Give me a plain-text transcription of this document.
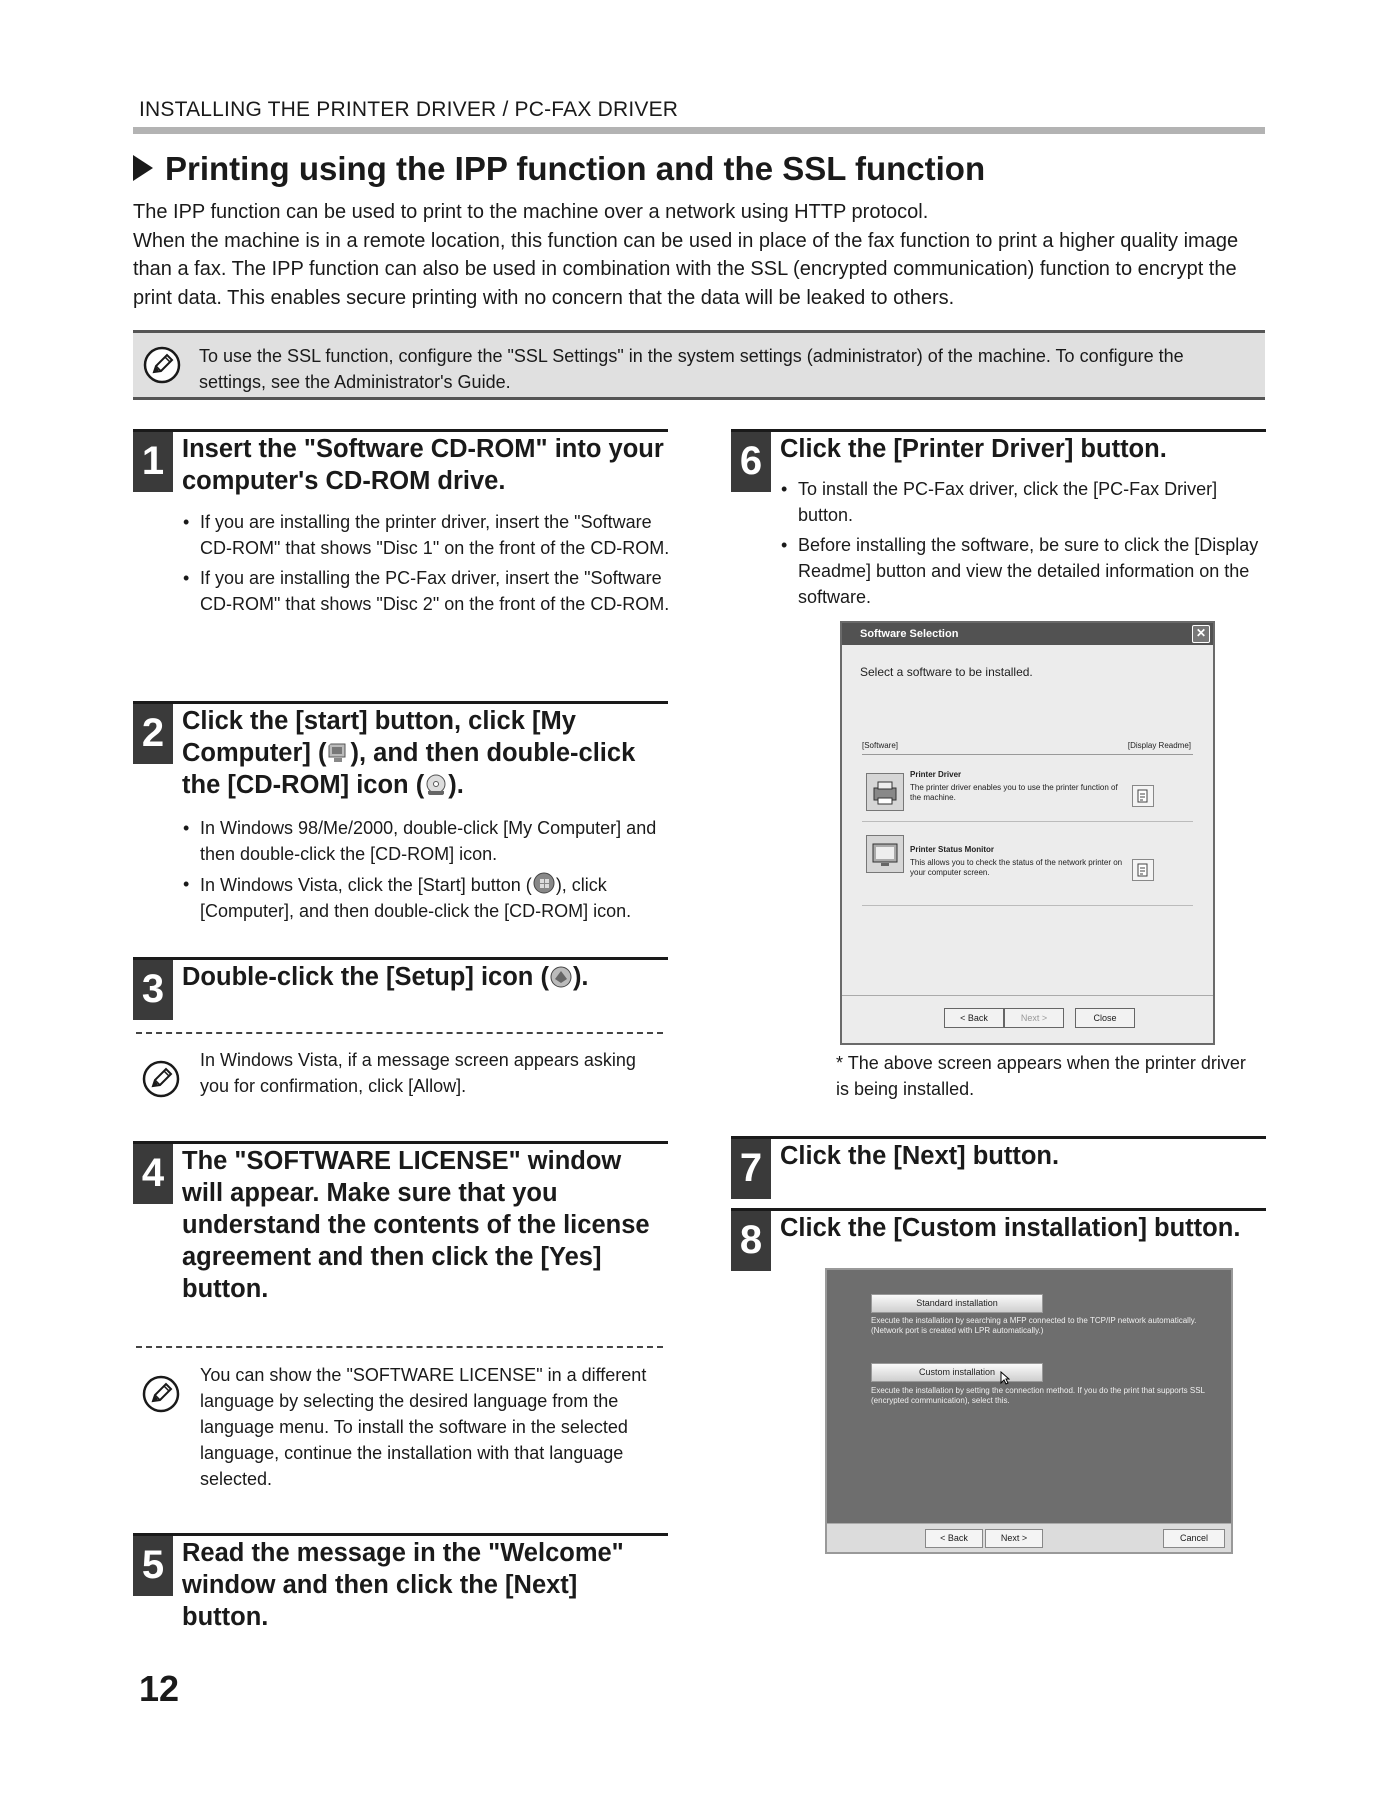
INSTALLING THE PRINTER DRIVER / PC-FAX DRIVER
Printing using the IPP function and the SSL function

The IPP function can be used to print to the machine over a network using HTTP protocol.

When the machine is in a remote location, this function can be used in place of the fax function to print a higher quality image than a fax. The IPP function can also be used in combination with the SSL (encrypted communication) function to encrypt the print data. This enables secure printing with no concern that the data will be leaked to others.

To use the SSL function, configure the "SSL Settings" in the system settings (administrator) of the machine. To configure the settings, see the Administrator's Guide.
1 Insert the "Software CD-ROM" into your computer's CD-ROM drive.
• If you are installing the printer driver, insert the "Software CD-ROM" that shows "Disc 1" on the front of the CD-ROM.
• If you are installing the PC-Fax driver, insert the "Software CD-ROM" that shows "Disc 2" on the front of the CD-ROM.
2 Click the [start] button, click [My Computer] ( ), and then double-click the [CD-ROM] icon ( ).
• In Windows 98/Me/2000, double-click [My Computer] and then double-click the [CD-ROM] icon.
• In Windows Vista, click the [Start] button ( ), click [Computer], and then double-click the [CD-ROM] icon.
3 Double-click the [Setup] icon ( ).
In Windows Vista, if a message screen appears asking you for confirmation, click [Allow].
4 The "SOFTWARE LICENSE" window will appear. Make sure that you understand the contents of the license agreement and then click the [Yes] button.
You can show the "SOFTWARE LICENSE" in a different language by selecting the desired language from the language menu. To install the software in the selected language, continue the installation with that language selected.
5 Read the message in the "Welcome" window and then click the [Next] button.
6 Click the [Printer Driver] button.
• To install the PC-Fax driver, click the [PC-Fax Driver] button.
• Before installing the software, be sure to click the [Display Readme] button and view the detailed information on the software.
Software Selection	✕
Select a software to be installed.
[Software]	[Display Readme]
Printer Driver
The printer driver enables you to use the printer function of the machine.
Printer Status Monitor
This allows you to check the status of the network printer on your computer screen.
< Back	Next >	Close
* The above screen appears when the printer driver is being installed.
7 Click the [Next] button.
8 Click the [Custom installation] button.
Standard installation
Execute the installation by searching a MFP connected to the TCP/IP network automatically. (Network port is created with LPR automatically.)
Custom installation
Execute the installation by setting the connection method. If you do the print that supports SSL (encrypted communication), select this.
< Back	Next >	Cancel
12
